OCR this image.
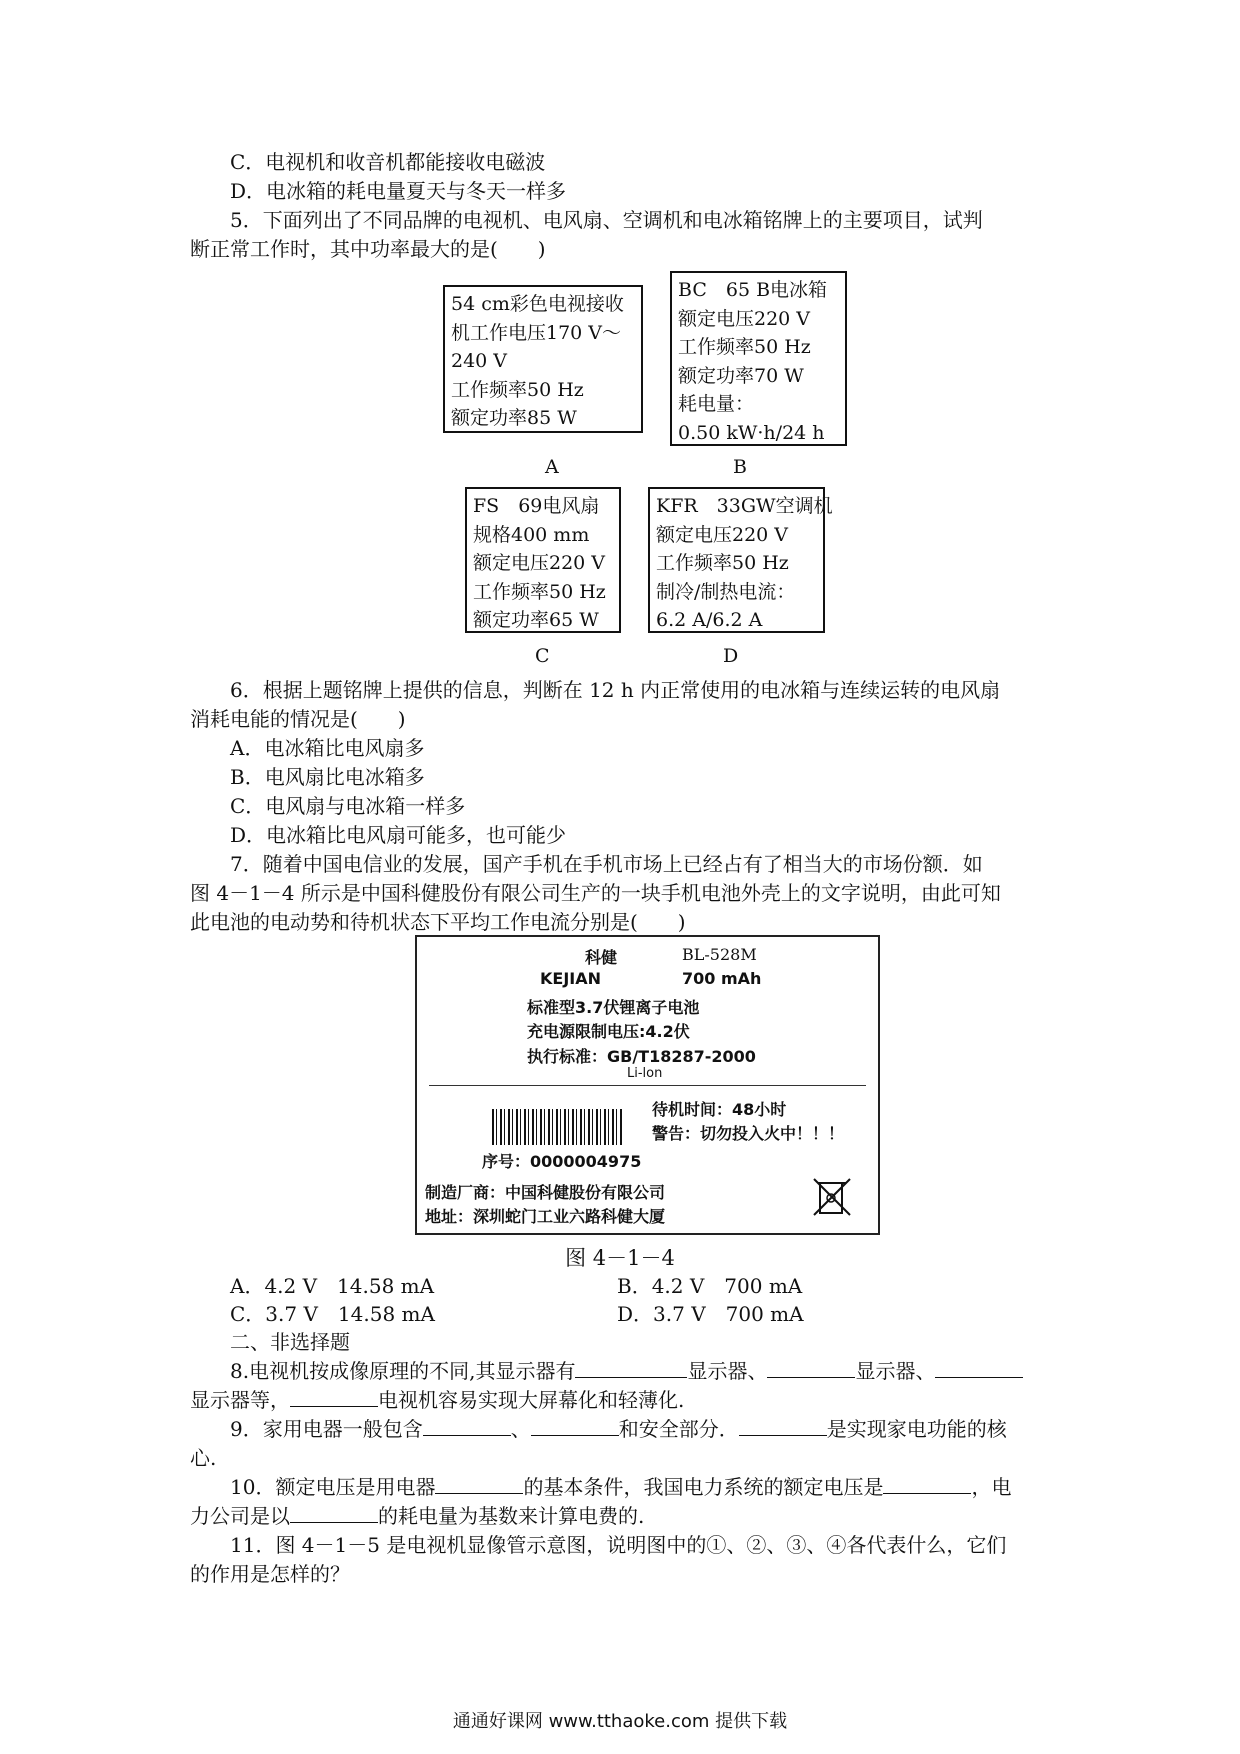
C．电视机和收音机都能接收电磁波
D．电冰箱的耗电量夏天与冬天一样多
5．下面列出了不同品牌的电视机、电风扇、空调机和电冰箱铭牌上的主要项目，试判
断正常工作时，其中功率最大的是(　　)
54 cm彩色电视接收
机工作电压170 V～
240 V
工作频率50 Hz
额定功率85 W
A
BC　65 B电冰箱
额定电压220 V
工作频率50 Hz
额定功率70 W
耗电量：
0.50 kW·h/24 h
B
FS　69电风扇
规格400 mm
额定电压220 V
工作频率50 Hz
额定功率65 W
C
KFR　33GW空调机
额定电压220 V
工作频率50 Hz
制冷/制热电流：
6.2 A/6.2 A
D
6．根据上题铭牌上提供的信息，判断在 12 h 内正常使用的电冰箱与连续运转的电风扇
消耗电能的情况是(　　)
A．电冰箱比电风扇多
B．电风扇比电冰箱多
C．电风扇与电冰箱一样多
D．电冰箱比电风扇可能多，也可能少
7．随着中国电信业的发展，国产手机在手机市场上已经占有了相当大的市场份额．如
图 4－1－4 所示是中国科健股份有限公司生产的一块手机电池外壳上的文字说明，由此可知
此电池的电动势和待机状态下平均工作电流分别是(　　)
科健	BL-528M
KEJIAN	700 mAh
标准型3.7伏锂离子电池
充电源限制电压:4.2伏
执行标准：GB/T18287-2000
Li-lon
待机时间：48小时
警告：切勿投入火中！！！
序号：0000004975
制造厂商：中国科健股份有限公司
地址：深圳蛇门工业六路科健大厦
图 4－1－4
A．4.2 V　14.58 mA	B．4.2 V　700 mA
C．3.7 V　14.58 mA	D．3.7 V　700 mA
二、非选择题
8.电视机按成像原理的不同,其显示器有	显示器、	显示器、
显示器等，	电视机容易实现大屏幕化和轻薄化.
9．家用电器一般包含	、	和安全部分．	是实现家电功能的核
心.
10．额定电压是用电器	的基本条件，我国电力系统的额定电压是	，电
力公司是以	的耗电量为基数来计算电费的.
11．图 4－1－5 是电视机显像管示意图，说明图中的①、②、③、④各代表什么，它们
的作用是怎样的？
通通好课网 www.tthaoke.com 提供下载
